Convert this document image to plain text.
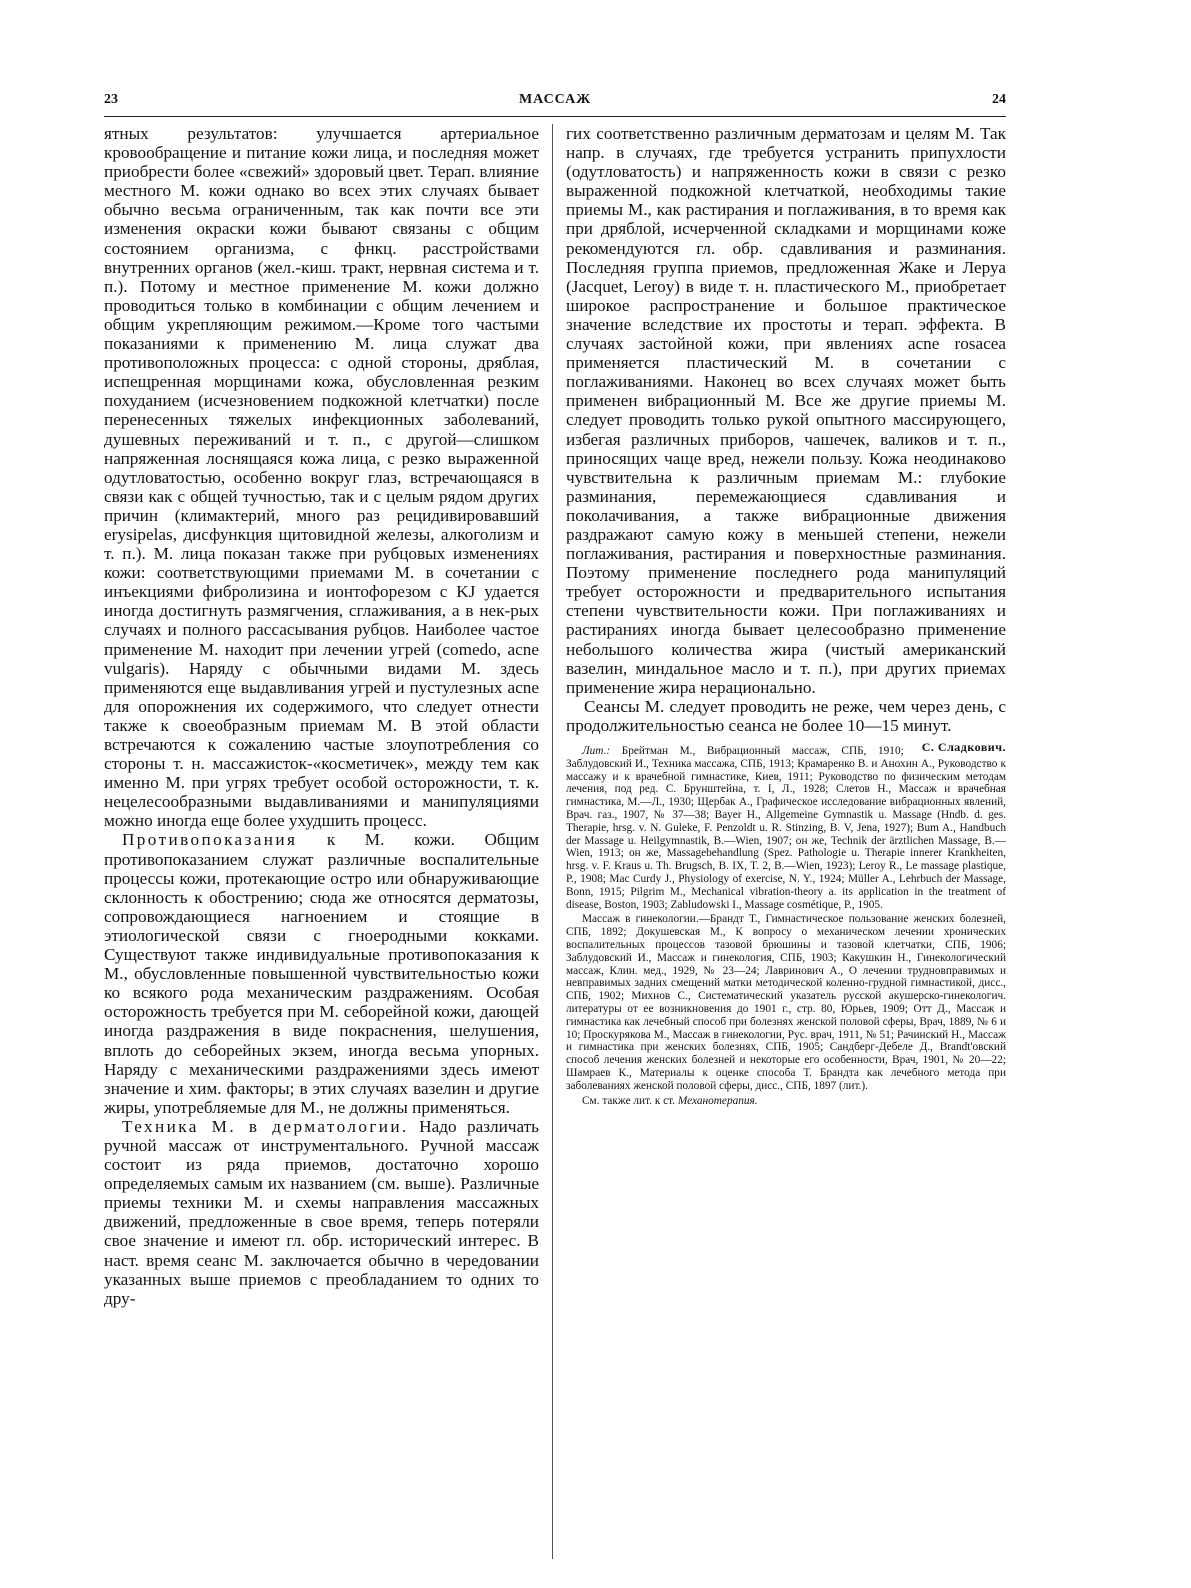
23	МАССАЖ	24

ятных результатов: улучшается артериальное кровообращение и питание кожи лица, и последняя может приобрести более «свежий» здоровый цвет. Терап. влияние местного М. кожи однако во всех этих случаях бывает обычно весьма ограниченным, так как почти все эти изменения окраски кожи бывают связаны с общим состоянием организма, с фнкц. расстройствами внутренних органов (жел.-киш. тракт, нервная система и т. п.). Потому и местное применение М. кожи должно проводиться только в комбинации с общим лечением и общим укрепляющим режимом.—Кроме того частыми показаниями к применению М. лица служат два противоположных процесса: с одной стороны, дряблая, испещренная морщинами кожа, обусловленная резким похуданием (исчезновением подкожной клетчатки) после перенесенных тяжелых инфекционных заболеваний, душевных переживаний и т. п., с другой—слишком напряженная лоснящаяся кожа лица, с резко выраженной одутловатостью, особенно вокруг глаз, встречающаяся в связи как с общей тучностью, так и с целым рядом других причин (климактерий, много раз рецидивировавший erysipelas, дисфункция щитовидной железы, алкоголизм и т. п.). М. лица показан также при рубцовых изменениях кожи: соответствующими приемами М. в сочетании с инъекциями фибролизина и ионтофорезом с KJ удается иногда достигнуть размягчения, сглаживания, а в нек-рых случаях и полного рассасывания рубцов. Наиболее частое применение М. находит при лечении угрей (comedo, acne vulgaris). Наряду с обычными видами М. здесь применяются еще выдавливания угрей и пустулезных acne для опорожнения их содержимого, что следует отнести также к своеобразным приемам М. В этой области встречаются к сожалению частые злоупотребления со стороны т. н. массажисток-«косметичек», между тем как именно М. при угрях требует особой осторожности, т. к. нецелесообразными выдавливаниями и манипуляциями можно иногда еще более ухудшить процесс.

Противопоказания к М. кожи. Общим противопоказанием служат различные воспалительные процессы кожи, протекающие остро или обнаруживающие склонность к обострению; сюда же относятся дерматозы, сопровождающиеся нагноением и стоящие в этиологической связи с гноеродными кокками. Существуют также индивидуальные противопоказания к М., обусловленные повышенной чувствительностью кожи ко всякого рода механическим раздражениям. Особая осторожность требуется при М. себорейной кожи, дающей иногда раздражения в виде покраснения, шелушения, вплоть до себорейных экзем, иногда весьма упорных. Наряду с механическими раздражениями здесь имеют значение и хим. факторы; в этих случаях вазелин и другие жиры, употребляемые для М., не должны применяться.

Техника М. в дерматологии. Надо различать ручной массаж от инструментального. Ручной массаж состоит из ряда приемов, достаточно хорошо определяемых самым их названием (см. выше). Различные приемы техники М. и схемы направления массажных движений, предложенные в свое время, теперь потеряли свое значение и имеют гл. обр. исторический интерес. В наст. время сеанс М. заключается обычно в чередовании указанных выше приемов с преобладанием то одних то дру-

гих соответственно различным дерматозам и целям М. Так напр. в случаях, где требуется устранить припухлости (одутловатость) и напряженность кожи в связи с резко выраженной подкожной клетчаткой, необходимы такие приемы М., как растирания и поглаживания, в то время как при дряблой, исчерченной складками и морщинами коже рекомендуются гл. обр. сдавливания и разминания. Последняя группа приемов, предложенная Жаке и Леруа (Jacquet, Leroy) в виде т. н. пластического М., приобретает широкое распространение и большое практическое значение вследствие их простоты и терап. эффекта. В случаях застойной кожи, при явлениях acne rosacea применяется пластический М. в сочетании с поглаживаниями. Наконец во всех случаях может быть применен вибрационный М. Все же другие приемы М. следует проводить только рукой опытного массирующего, избегая различных приборов, чашечек, валиков и т. п., приносящих чаще вред, нежели пользу. Кожа неодинаково чувствительна к различным приемам М.: глубокие разминания, перемежающиеся сдавливания и поколачивания, а также вибрационные движения раздражают самую кожу в меньшей степени, нежели поглаживания, растирания и поверхностные разминания. Поэтому применение последнего рода манипуляций требует осторожности и предварительного испытания степени чувствительности кожи. При поглаживаниях и растираниях иногда бывает целесообразно применение небольшого количества жира (чистый американский вазелин, миндальное масло и т. п.), при других приемах применение жира нерационально.

Сеансы М. следует проводить не реже, чем через день, с продолжительностью сеанса не более 10—15 минут.
С. Сладкович.

Лит.: Брейтман М., Вибрационный массаж, СПБ, 1910; Заблудовский И., Техника массажа, СПБ, 1913; Крамаренко В. и Анохин А., Руководство к массажу и к врачебной гимнастике, Киев, 1911; Руководство по физическим методам лечения, под ред. С. Брунштейна, т. I, Л., 1928; Слетов Н., Массаж и врачебная гимнастика, М.—Л., 1930; Щербак А., Графическое исследование вибрационных явлений, Врач. газ., 1907, № 37—38; Bayer H., Allgemeine Gymnastik u. Massage (Hndb. d. ges. Therapie, hrsg. v. N. Guleke, F. Penzoldt u. R. Stinzing, B. V, Jena, 1927); Bum A., Handbuch der Massage u. Heilgymnastik, B.—Wien, 1907; он же, Technik der ärztlichen Massage, B.—Wien, 1913; он же, Massagebehandlung (Spez. Pathologie u. Therapie innerer Krankheiten, hrsg. v. F. Kraus u. Th. Brugsch, B. IX, T. 2, B.—Wien, 1923); Leroy R., Le massage plastique, P., 1908; Mac Curdy J., Physiology of exercise, N. Y., 1924; Müller A., Lehrbuch der Massage, Bonn, 1915; Pilgrim M., Mechanical vibration-theory a. its application in the treatment of disease, Boston, 1903; Zabludowski I., Massage cosmétique, P., 1905.

Массаж в гинекологии.—Брандт Т., Гимнастическое пользование женских болезней, СПБ, 1892; Докушевская М., К вопросу о механическом лечении хронических воспалительных процессов тазовой брюшины и тазовой клетчатки, СПБ, 1906; Заблудовский И., Массаж и гинекология, СПБ, 1903; Какушкин Н., Гинекологический массаж, Клин. мед., 1929, № 23—24; Лавринович А., О лечении трудновправимых и невправимых задних смещений матки методической коленно-грудной гимнастикой, дисс., СПБ, 1902; Михнов С., Систематический указатель русской акушерско-гинекологич. литературы от ее возникновения до 1901 г., стр. 80, Юрьев, 1909; Отт Д., Массаж и гимнастика как лечебный способ при болезнях женской половой сферы, Врач, 1889, № 6 и 10; Проскурякова М., Массаж в гинекологии, Рус. врач, 1911, № 51; Рачинский Н., Массаж и гимнастика при женских болезнях, СПБ, 1905; Сандберг-Дебеле Д., Brandt'овский способ лечения женских болезней и некоторые его особенности, Врач, 1901, № 20—22; Шамраев К., Материалы к оценке способа Т. Брандта как лечебного метода при заболеваниях женской половой сферы, дисс., СПБ, 1897 (лит.).

См. также лит. к ст. Механотерапия.
